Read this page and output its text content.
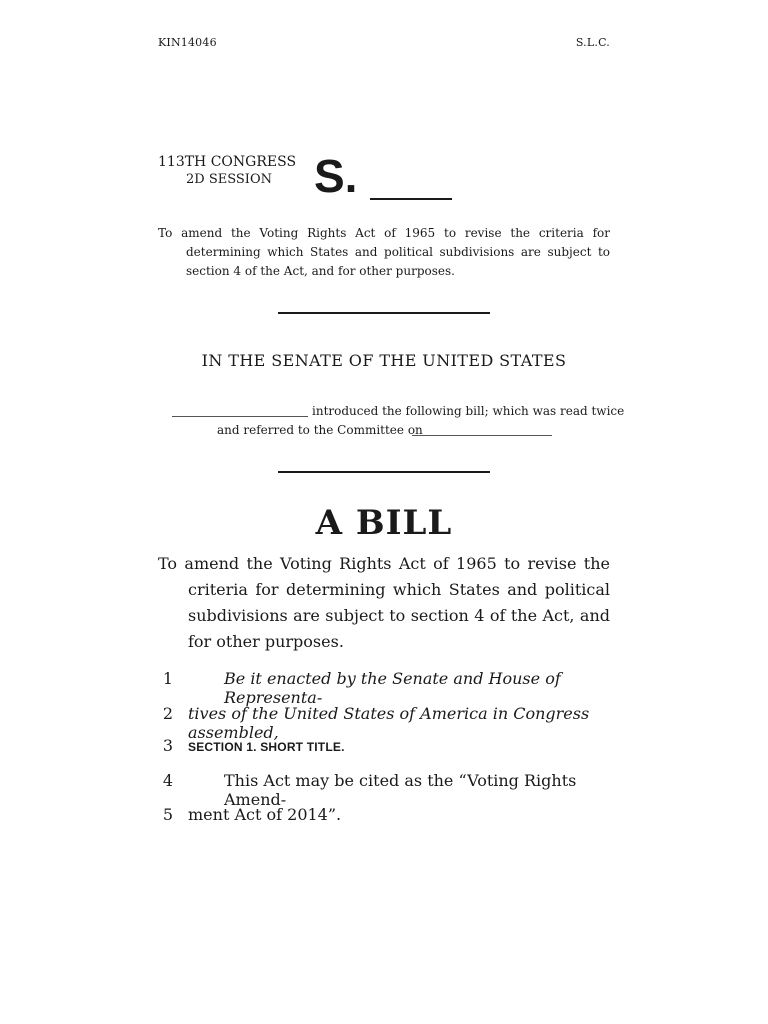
KIN14046	S.L.C.
113TH CONGRESS
2D SESSION S.

To amend the Voting Rights Act of 1965 to revise the criteria for determining which States and political subdivisions are subject to section 4 of the Act, and for other purposes.

IN THE SENATE OF THE UNITED STATES
introduced the following bill; which was read twice
and referred to the Committee on
A BILL

To amend the Voting Rights Act of 1965 to revise the criteria for determining which States and political subdivisions are subject to section 4 of the Act, and for other purposes.

1	Be it enacted by the Senate and House of Representa-
2 tives of the United States of America in Congress assembled,
3 SECTION 1. SHORT TITLE.
4	This Act may be cited as the “Voting Rights Amend-
5 ment Act of 2014”.
